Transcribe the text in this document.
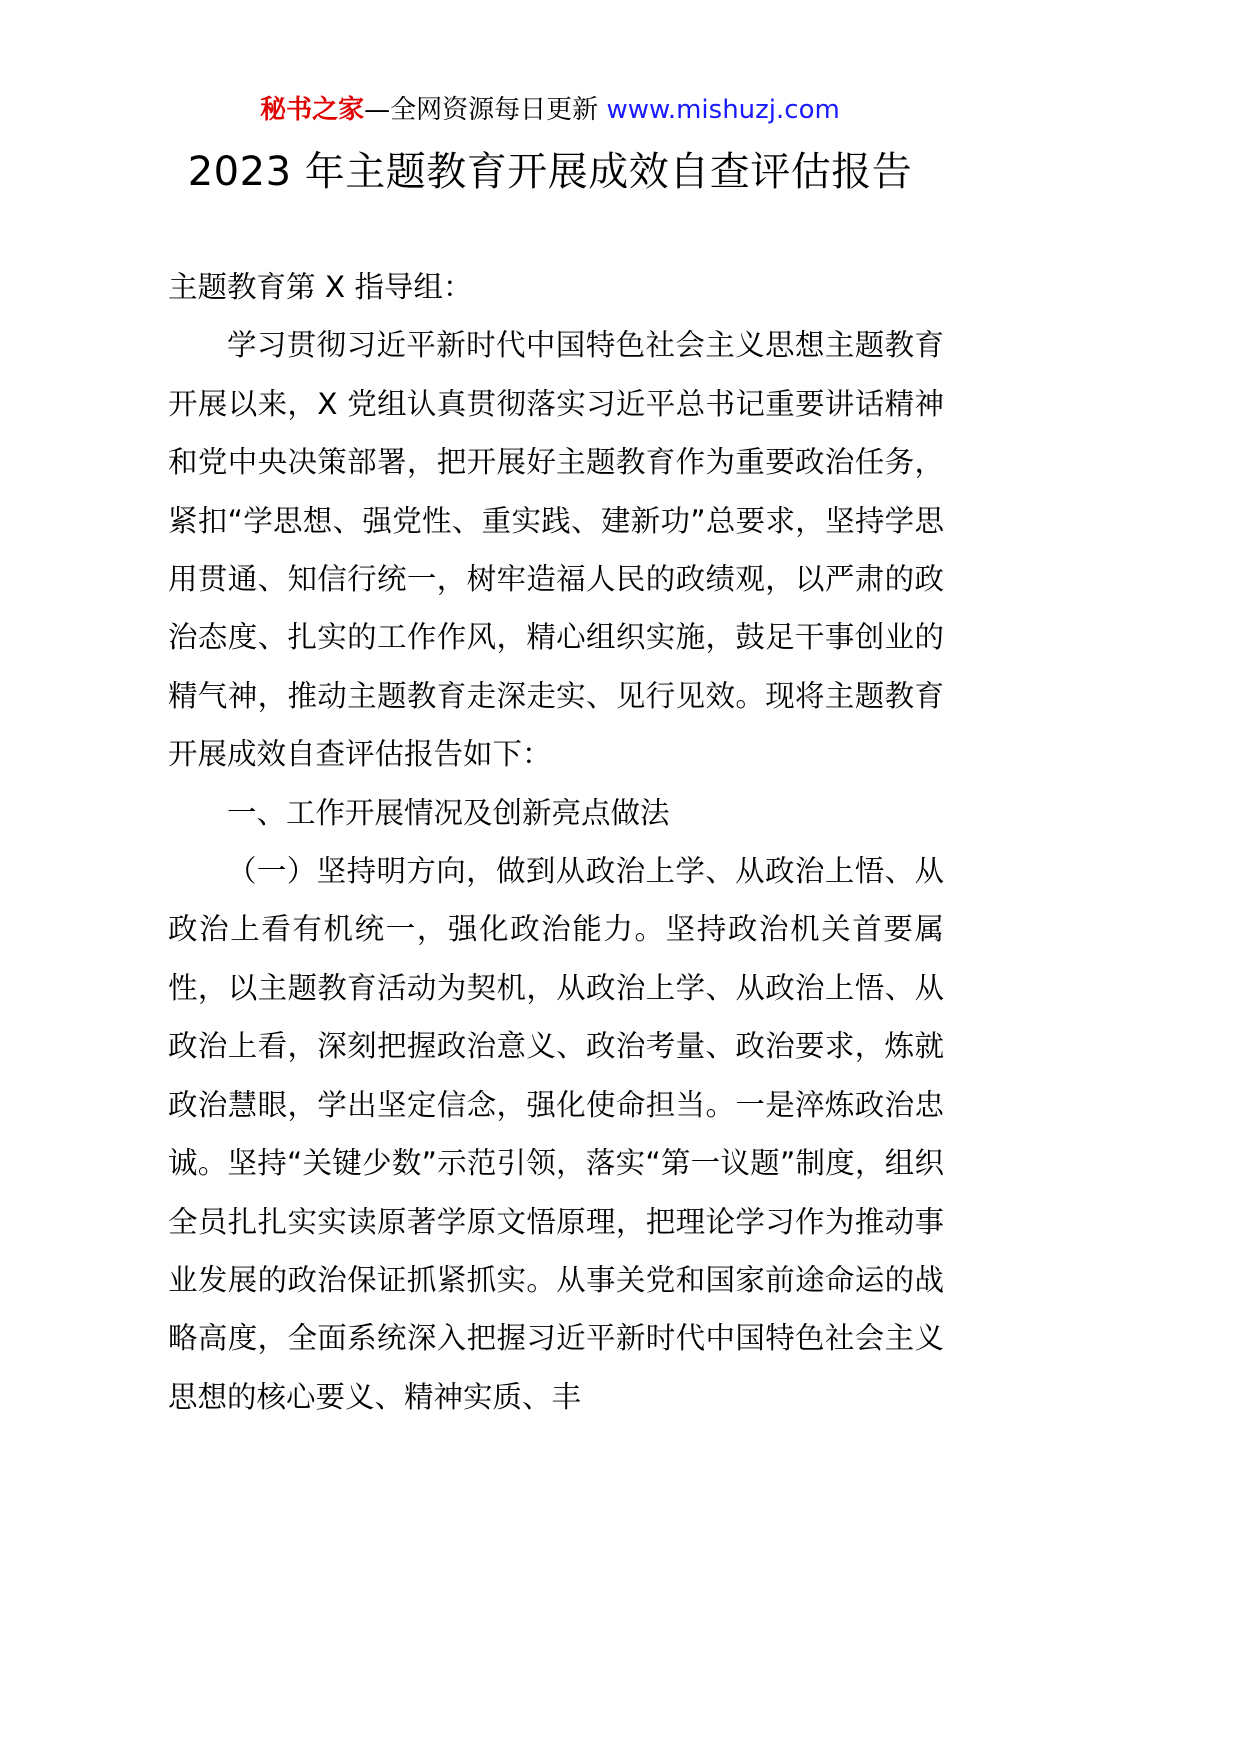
秘书之家—全网资源每日更新 www.mishuzj.com
2023 年主题教育开展成效自查评估报告

主题教育第 X 指导组：

学习贯彻习近平新时代中国特色社会主义思想主题教育开展以来，X 党组认真贯彻落实习近平总书记重要讲话精神和党中央决策部署，把开展好主题教育作为重要政治任务，紧扣“学思想、强党性、重实践、建新功”总要求，坚持学思用贯通、知信行统一，树牢造福人民的政绩观，以严肃的政治态度、扎实的工作作风，精心组织实施，鼓足干事创业的精气神，推动主题教育走深走实、见行见效。现将主题教育开展成效自查评估报告如下：

一、工作开展情况及创新亮点做法

（一）坚持明方向，做到从政治上学、从政治上悟、从政治上看有机统一，强化政治能力。坚持政治机关首要属性，以主题教育活动为契机，从政治上学、从政治上悟、从政治上看，深刻把握政治意义、政治考量、政治要求，炼就政治慧眼，学出坚定信念，强化使命担当。一是淬炼政治忠诚。坚持“关键少数”示范引领，落实“第一议题”制度，组织全员扎扎实实读原著学原文悟原理，把理论学习作为推动事业发展的政治保证抓紧抓实。从事关党和国家前途命运的战略高度，全面系统深入把握习近平新时代中国特色社会主义思想的核心要义、精神实质、丰
